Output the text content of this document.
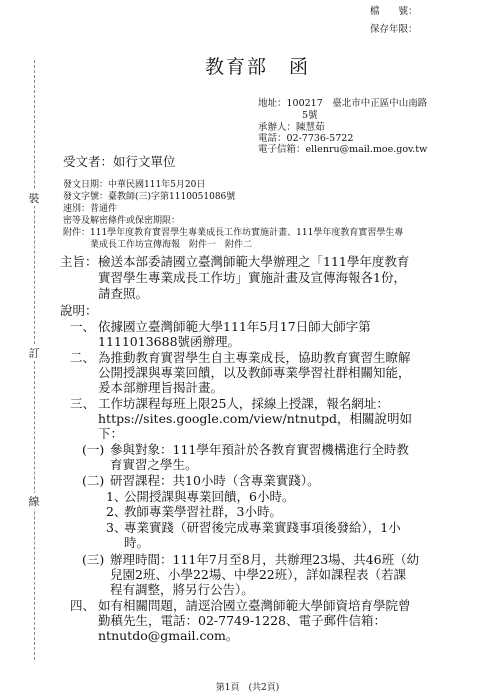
檔　　號：
保存年限：
教育部　函
裝
訂
線
地址：100217　臺北市中正區中山南路
5號
承辦人：陳慧茹
電話：02-7736-5722
電子信箱：ellenru@mail.moe.gov.tw
受文者：如行文單位
發文日期：中華民國111年5月20日
發文字號：臺教師(三)字第1110051086號
速別：普通件
密等及解密條件或保密期限：
附件：111學年度教育實習學生專業成長工作坊實施計畫、111學年度教育實習學生專
業成長工作坊宣傳海報　附件一　附件二
主旨： 檢送本部委請國立臺灣師範大學辦理之「111學年度教育
實習學生專業成長工作坊」實施計畫及宣傳海報各1份，
請查照。
說明：
一、 依據國立臺灣師範大學111年5月17日師大師字第
1111013688號函辦理。
二、 為推動教育實習學生自主專業成長，協助教育實習生瞭解
公開授課與專業回饋，以及教師專業學習社群相關知能，
爰本部辦理旨揭計畫。
三、 工作坊課程每班上限25人，採線上授課，報名網址：
https://sites.google.com/view/ntnutpd，相關說明如
下：
(一) 參與對象：111學年預計於各教育實習機構進行全時教
育實習之學生。
(二) 研習課程：共10小時（含專業實踐）。
1、
公開授課與專業回饋，6小時。
2、
教師專業學習社群，3小時。
3、
專業實踐（研習後完成專業實踐事項後發給），1小
時。
(三) 辦理時間：111年7月至8月，共辦理23場、共46班（幼
兒園2班、小學22場、中學22班），詳如課程表（若課
程有調整，將另行公告）。
四、 如有相關問題，請逕洽國立臺灣師範大學師資培育學院曾
勤稹先生，電話：02-7749-1228、電子郵件信箱：
ntnutdo@gmail.com。
第1頁　(共2頁)
